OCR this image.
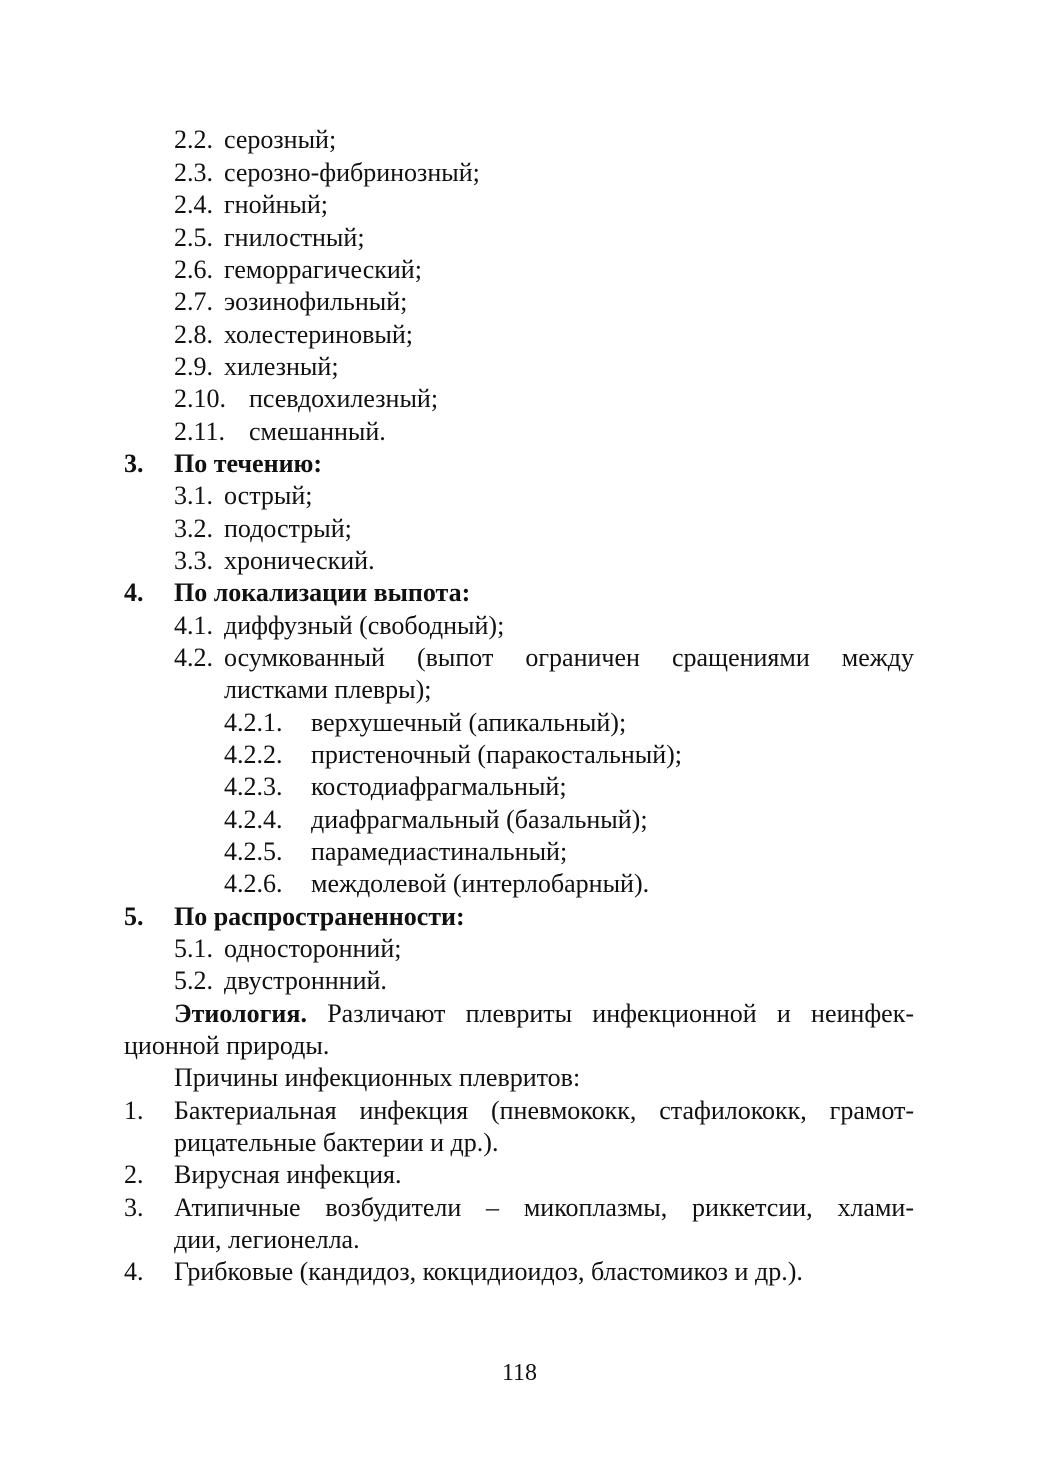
2.2. серозный;
2.3. серозно-фибринозный;
2.4. гнойный;
2.5. гнилостный;
2.6. геморрагический;
2.7. эозинофильный;
2.8. холестериновый;
2.9. хилезный;
2.10. псевдохилезный;
2.11. смешанный.
3. По течению:
3.1. острый;
3.2. подострый;
3.3. хронический.
4. По локализации выпота:
4.1. диффузный (свободный);
4.2. осумкованный (выпот ограничен сращениями между
листками плевры);
4.2.1. верхушечный (апикальный);
4.2.2. пристеночный (паракостальный);
4.2.3. костодиафрагмальный;
4.2.4. диафрагмальный (базальный);
4.2.5. парамедиастинальный;
4.2.6. междолевой (интерлобарный).
5. По распространенности:
5.1. односторонний;
5.2. двустроннний.
Этиология. Различают плевриты инфекционной и неинфек-
ционной природы.
Причины инфекционных плевритов:
1. Бактериальная инфекция (пневмококк, стафилококк, грамот-
рицательные бактерии и др.).
2. Вирусная инфекция.
3. Атипичные возбудители – микоплазмы, риккетсии, хлами-
дии, легионелла.
4. Грибковые (кандидоз, кокцидиоидоз, бластомикоз и др.).
118
